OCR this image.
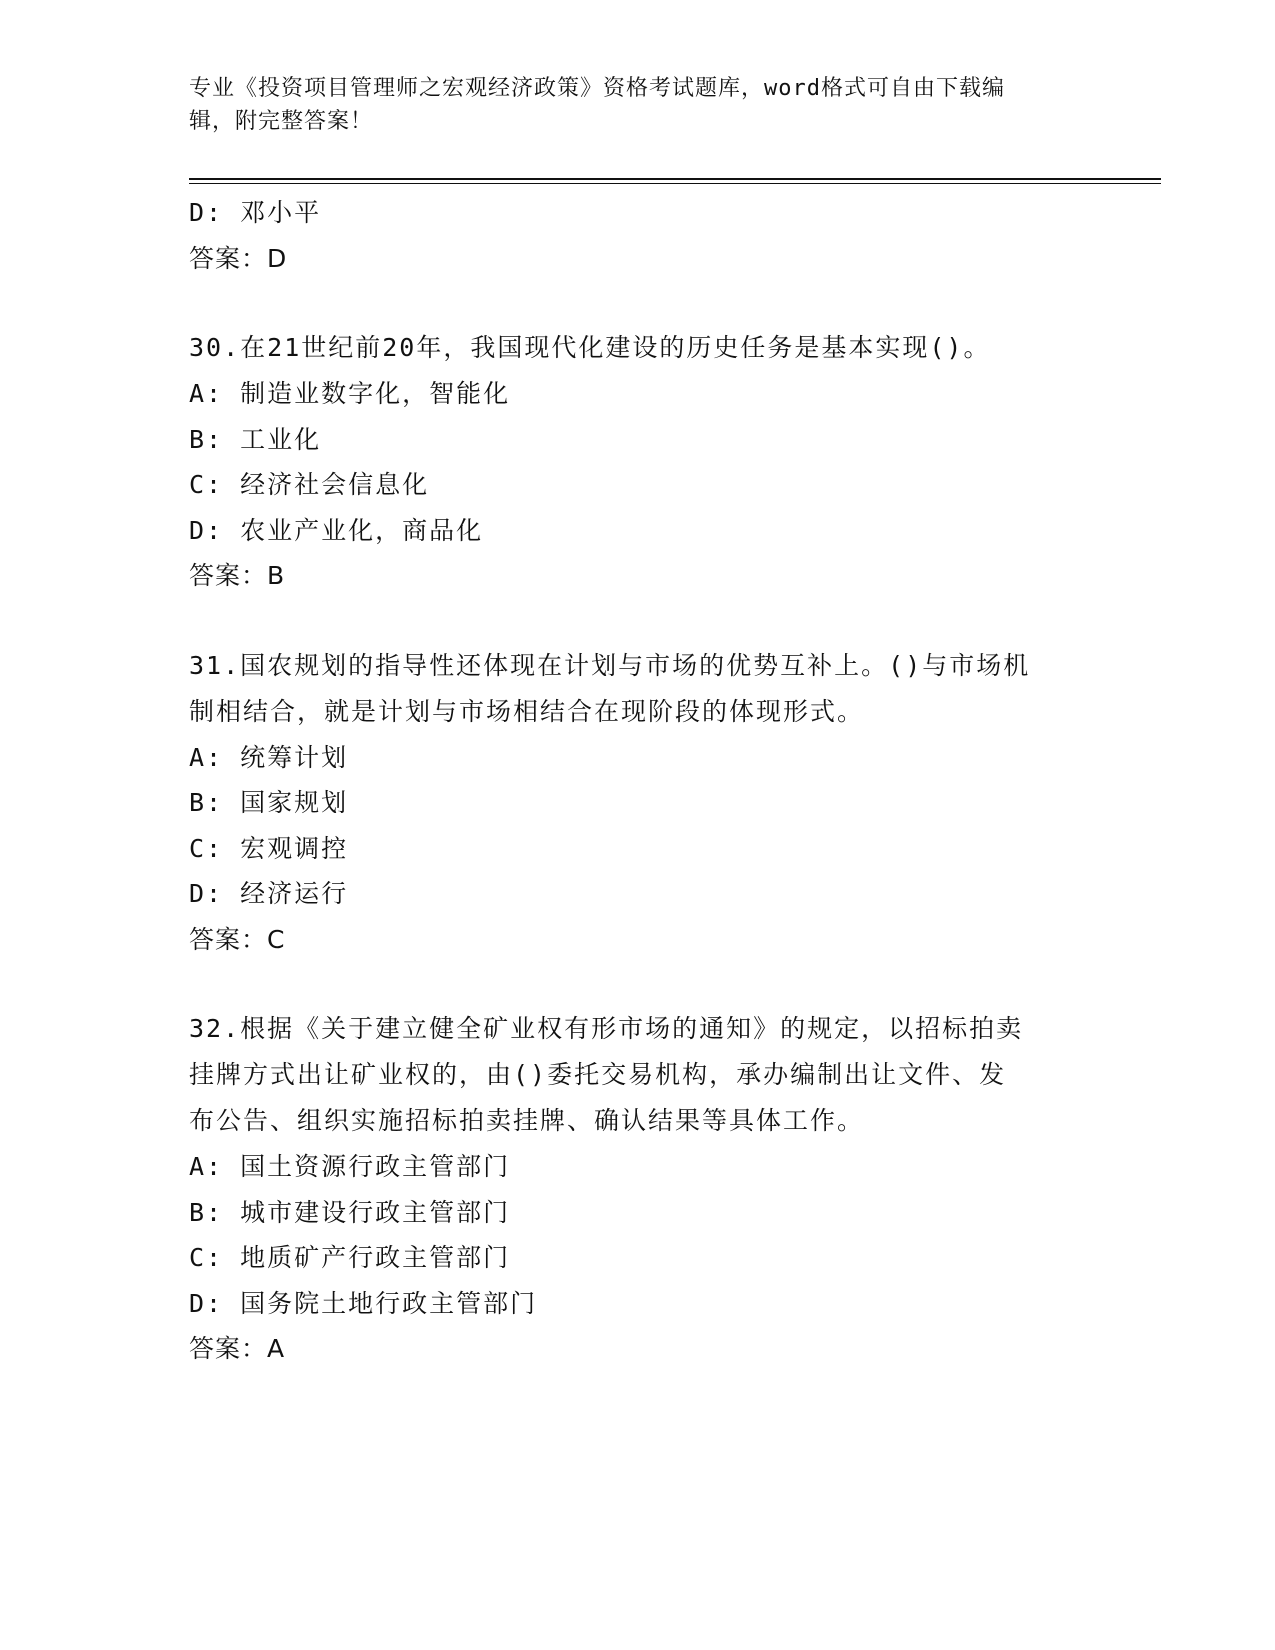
专业《投资项目管理师之宏观经济政策》资格考试题库，word格式可自由下载编
辑，附完整答案！
D: 邓小平
答案：D
30.在21世纪前20年，我国现代化建设的历史任务是基本实现()。
A: 制造业数字化，智能化
B: 工业化
C: 经济社会信息化
D: 农业产业化，商品化
答案：B
31.国农规划的指导性还体现在计划与市场的优势互补上。()与市场机
制相结合，就是计划与市场相结合在现阶段的体现形式。
A: 统筹计划
B: 国家规划
C: 宏观调控
D: 经济运行
答案：C
32.根据《关于建立健全矿业权有形市场的通知》的规定，以招标拍卖
挂牌方式出让矿业权的，由()委托交易机构，承办编制出让文件、发
布公告、组织实施招标拍卖挂牌、确认结果等具体工作。
A: 国土资源行政主管部门
B: 城市建设行政主管部门
C: 地质矿产行政主管部门
D: 国务院土地行政主管部门
答案：A
